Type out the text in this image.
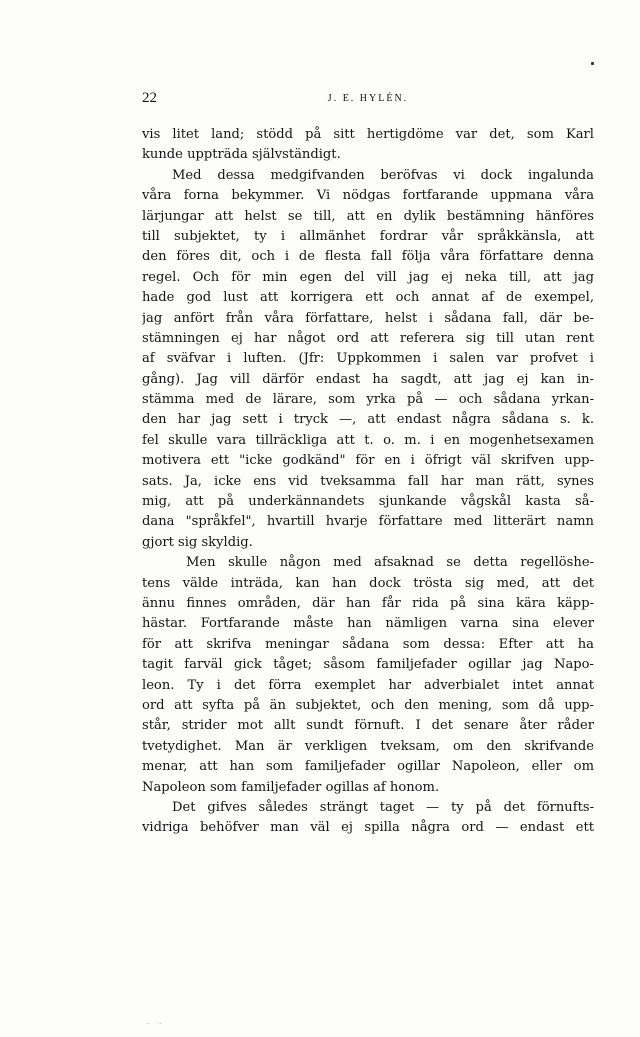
22	J. E. HYLÉN.
vis litet land; stödd på sitt hertigdöme var det, som Karl
kunde uppträda självständigt.
Med dessa medgifvanden beröfvas vi dock ingalunda
våra forna bekymmer. Vi nödgas fortfarande uppmana våra
lärjungar att helst se till, att en dylik bestämning hänföres
till subjektet, ty i allmänhet fordrar vår språkkänsla, att
den föres dit, och i de flesta fall följa våra författare denna
regel. Och för min egen del vill jag ej neka till, att jag
hade god lust att korrigera ett och annat af de exempel,
jag anfört från våra författare, helst i sådana fall, där be-
stämningen ej har något ord att referera sig till utan rent
af sväfvar i luften. (Jfr: Uppkommen i salen var profvet i
gång). Jag vill därför endast ha sagdt, att jag ej kan in-
stämma med de lärare, som yrka på — och sådana yrkan-
den har jag sett i tryck —, att endast några sådana s. k.
fel skulle vara tillräckliga att t. o. m. i en mogenhetsexamen
motivera ett "icke godkänd" för en i öfrigt väl skrifven upp-
sats. Ja, icke ens vid tveksamma fall har man rätt, synes
mig, att på underkännandets sjunkande vågskål kasta så-
dana "språkfel", hvartill hvarje författare med litterärt namn
gjort sig skyldig.
Men skulle någon med afsaknad se detta regellöshe-
tens välde inträda, kan han dock trösta sig med, att det
ännu finnes områden, där han får rida på sina kära käpp-
hästar. Fortfarande måste han nämligen varna sina elever
för att skrifva meningar sådana som dessa: Efter att ha
tagit farväl gick tåget; såsom familjefader ogillar jag Napo-
leon. Ty i det förra exemplet har adverbialet intet annat
ord att syfta på än subjektet, och den mening, som då upp-
står, strider mot allt sundt förnuft. I det senare åter råder
tvetydighet. Man är verkligen tveksam, om den skrifvande
menar, att han som familjefader ogillar Napoleon, eller om
Napoleon som familjefader ogillas af honom.
Det gifves således strängt taget — ty på det förnufts-
vidriga behöfver man väl ej spilla några ord — endast ett
- -
